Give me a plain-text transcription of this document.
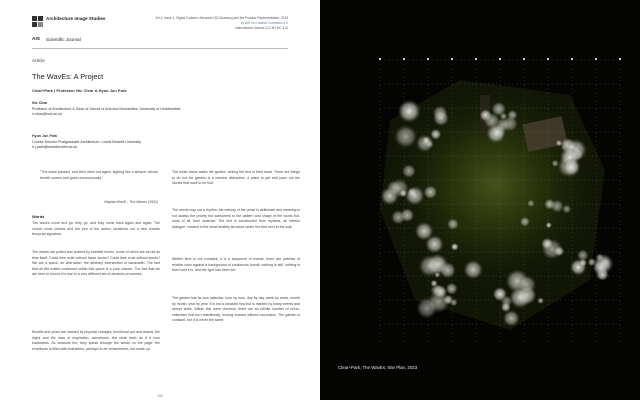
Architecture Image Studies
AIS Scientific Journal
Vol 4, Issue 1, Digital Cultures: Advanced 3D Scanning and the Practice Representation, 2023
by AIS on Creative Commons 4.0
International License (CC BY-NC 4.0)
Article
The WavEs: A Project
Clear+Park | Professor Nic Clear & Hyun Jun Park
Nic Clear
Professor of Architecture & Dean of School of Arts and Humanities, University of Huddersfield
n.clear@hud.ac.uk
Hyun Jun Park
Course Director Postgraduate Architecture, Leeds Beckett University
h.j.park@leedsbeckett.ac.uk
"The wave paused, and then drew out again, sighing like a sleeper whose breath comes and goes unconsciously."
Virginia Woolf – The Waves (1931)
Words
The waves come and go, they go, and they come back again and again. The church clock chimes and the pen of the author scratches out a new chaotic temporal signature.
The waves are pulled and pushed by invisible forces, some of which are as old as time itself. Could time exist without these forces? Could time exist without words? We are a speck, an aberration, the arbitrary intersection of bandwidth. The fact that all this matter coalesced within this space is a pure chance. The fact that we are here to record it is due to a very different set of aleatoric processes.
Months and years are marked by physical changes, emotional ups and downs, the highs and the lows of inspiration; sometimes, the clock feels as if it runs backwards. As seasons fire, they speak through the words on the page; the emptiness is filled with characters, perhaps to be remembered, but made up.
The writer alone walks the garden, writing the text in their head. There are things to do but the garden is a needed distraction, a place to get and pace out the stories that want to be told.
The words map out a rhythm, the melody of the prose is deliberate and meaning is not always the priority but subsumed to the pattern and shape of the words but, most of all, their cadence. The text is constructed from rhythms, an interior dialogue, created in the small shabby structure under the tree next to the wall.
Written time is not constant, it is a sequence of events, there are patches of relative calm against a background of continuous tumult; nothing is still, nothing is fixed until it is, and the type has been set.
The garden has its own calendar: hour by hour, day by day, week by week, month by month, year by year. It is not a constant flow but is marked by sharp events and abrupt shifts. Within this mere universe, there are an infinite number of micro-calendars that turn relentlessly, moving onward without conclusion. The garden is constant, but it is never the same.
100
Clear+Park, The WavEs; Site Plan, 2023
